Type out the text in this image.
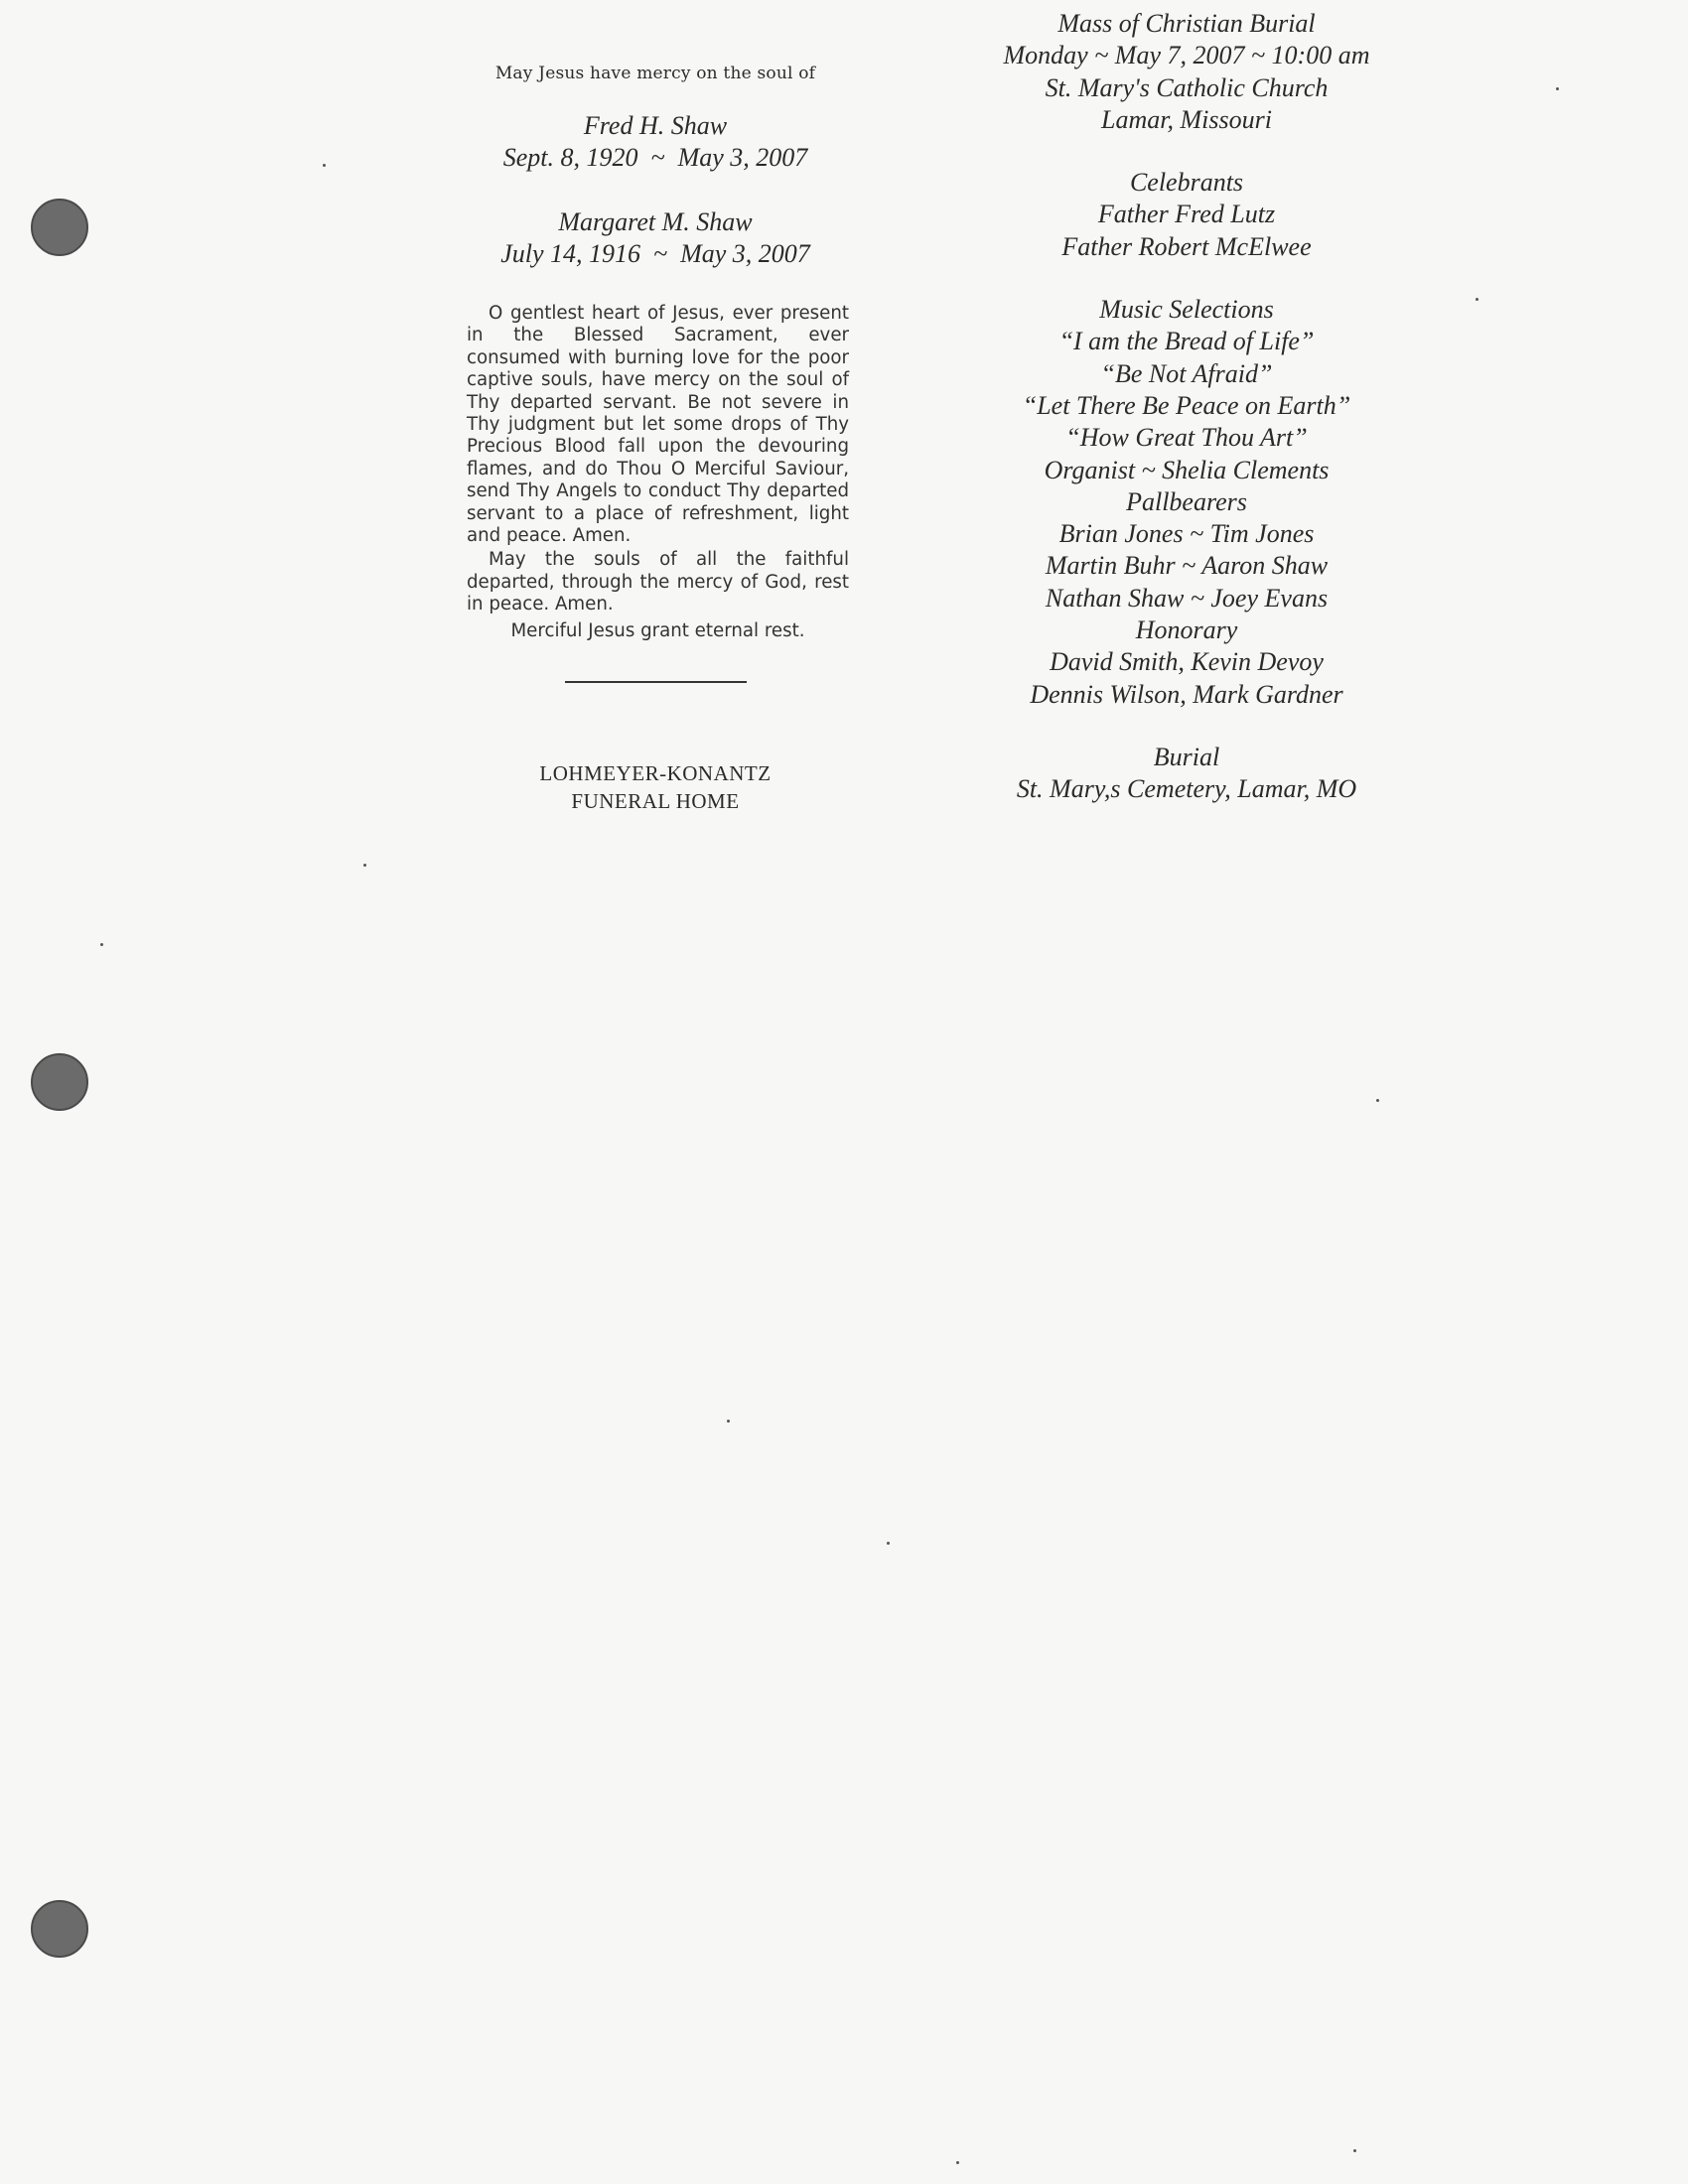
May Jesus have mercy on the soul of
Fred H. Shaw
Sept. 8, 1920  ~  May 3, 2007
Margaret M. Shaw
July 14, 1916  ~  May 3, 2007

O gentlest heart of Jesus, ever present in the Blessed Sacrament, ever consumed with burning love for the poor captive souls, have mercy on the soul of Thy departed servant. Be not severe in Thy judgment but let some drops of Thy Precious Blood fall upon the devouring flames, and do Thou O Merciful Saviour, send Thy Angels to conduct Thy departed servant to a place of refreshment, light and peace. Amen.

May the souls of all the faithful departed, through the mercy of God, rest in peace. Amen.

Merciful Jesus grant eternal rest.

LOHMEYER-KONANTZ
FUNERAL HOME
Mass of Christian Burial
Monday ~ May 7, 2007 ~ 10:00 am
St. Mary's Catholic Church
Lamar, Missouri
Celebrants
Father Fred Lutz
Father Robert McElwee
Music Selections
“I am the Bread of Life”
“Be Not Afraid”
“Let There Be Peace on Earth”
“How Great Thou Art”
Organist ~ Shelia Clements
Pallbearers
Brian Jones ~ Tim Jones
Martin Buhr ~ Aaron Shaw
Nathan Shaw ~ Joey Evans
Honorary
David Smith, Kevin Devoy
Dennis Wilson, Mark Gardner
Burial
St. Mary,s Cemetery, Lamar, MO
